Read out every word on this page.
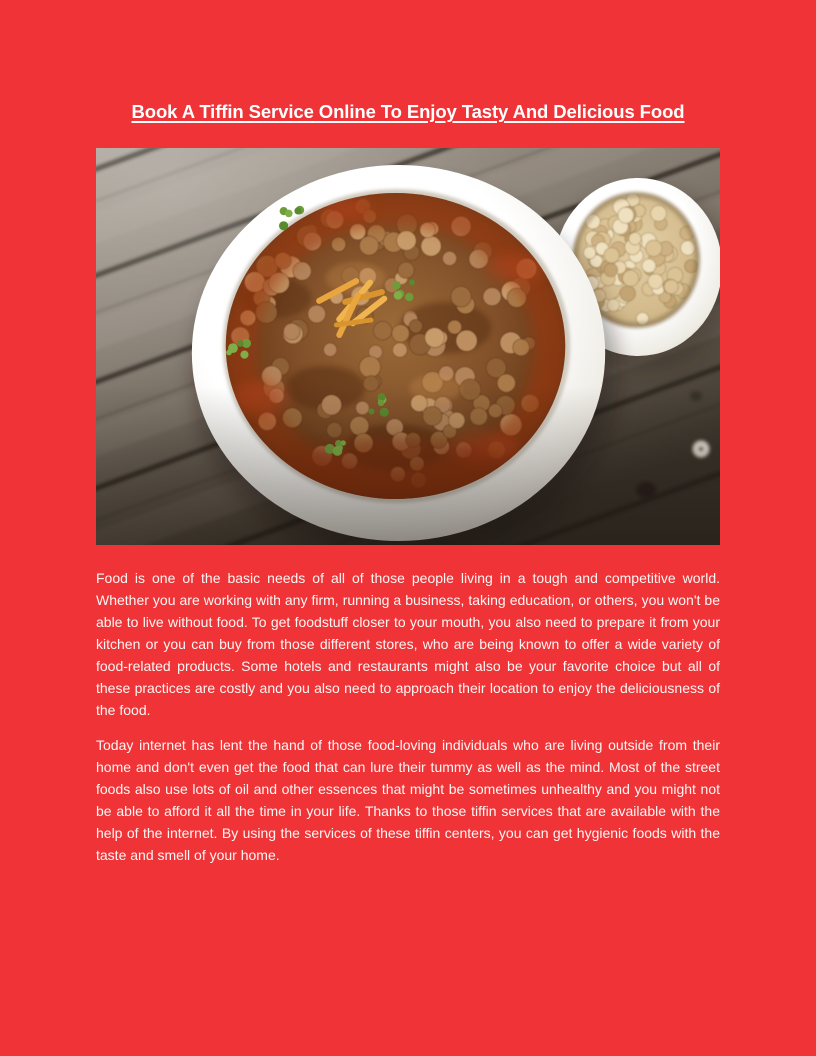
Book A Tiffin Service Online To Enjoy Tasty And Delicious Food

Food is one of the basic needs of all of those people living in a tough and competitive world. Whether you are working with any firm, running a business, taking education, or others, you won't be able to live without food. To get foodstuff closer to your mouth, you also need to prepare it from your kitchen or you can buy from those different stores, who are being known to offer a wide variety of food-related products. Some hotels and restaurants might also be your favorite choice but all of these practices are costly and you also need to approach their location to enjoy the deliciousness of the food.

Today internet has lent the hand of those food-loving individuals who are living outside from their home and don't even get the food that can lure their tummy as well as the mind. Most of the street foods also use lots of oil and other essences that might be sometimes unhealthy and you might not be able to afford it all the time in your life. Thanks to those tiffin services that are available with the help of the internet. By using the services of these tiffin centers, you can get hygienic foods with the taste and smell of your home.
